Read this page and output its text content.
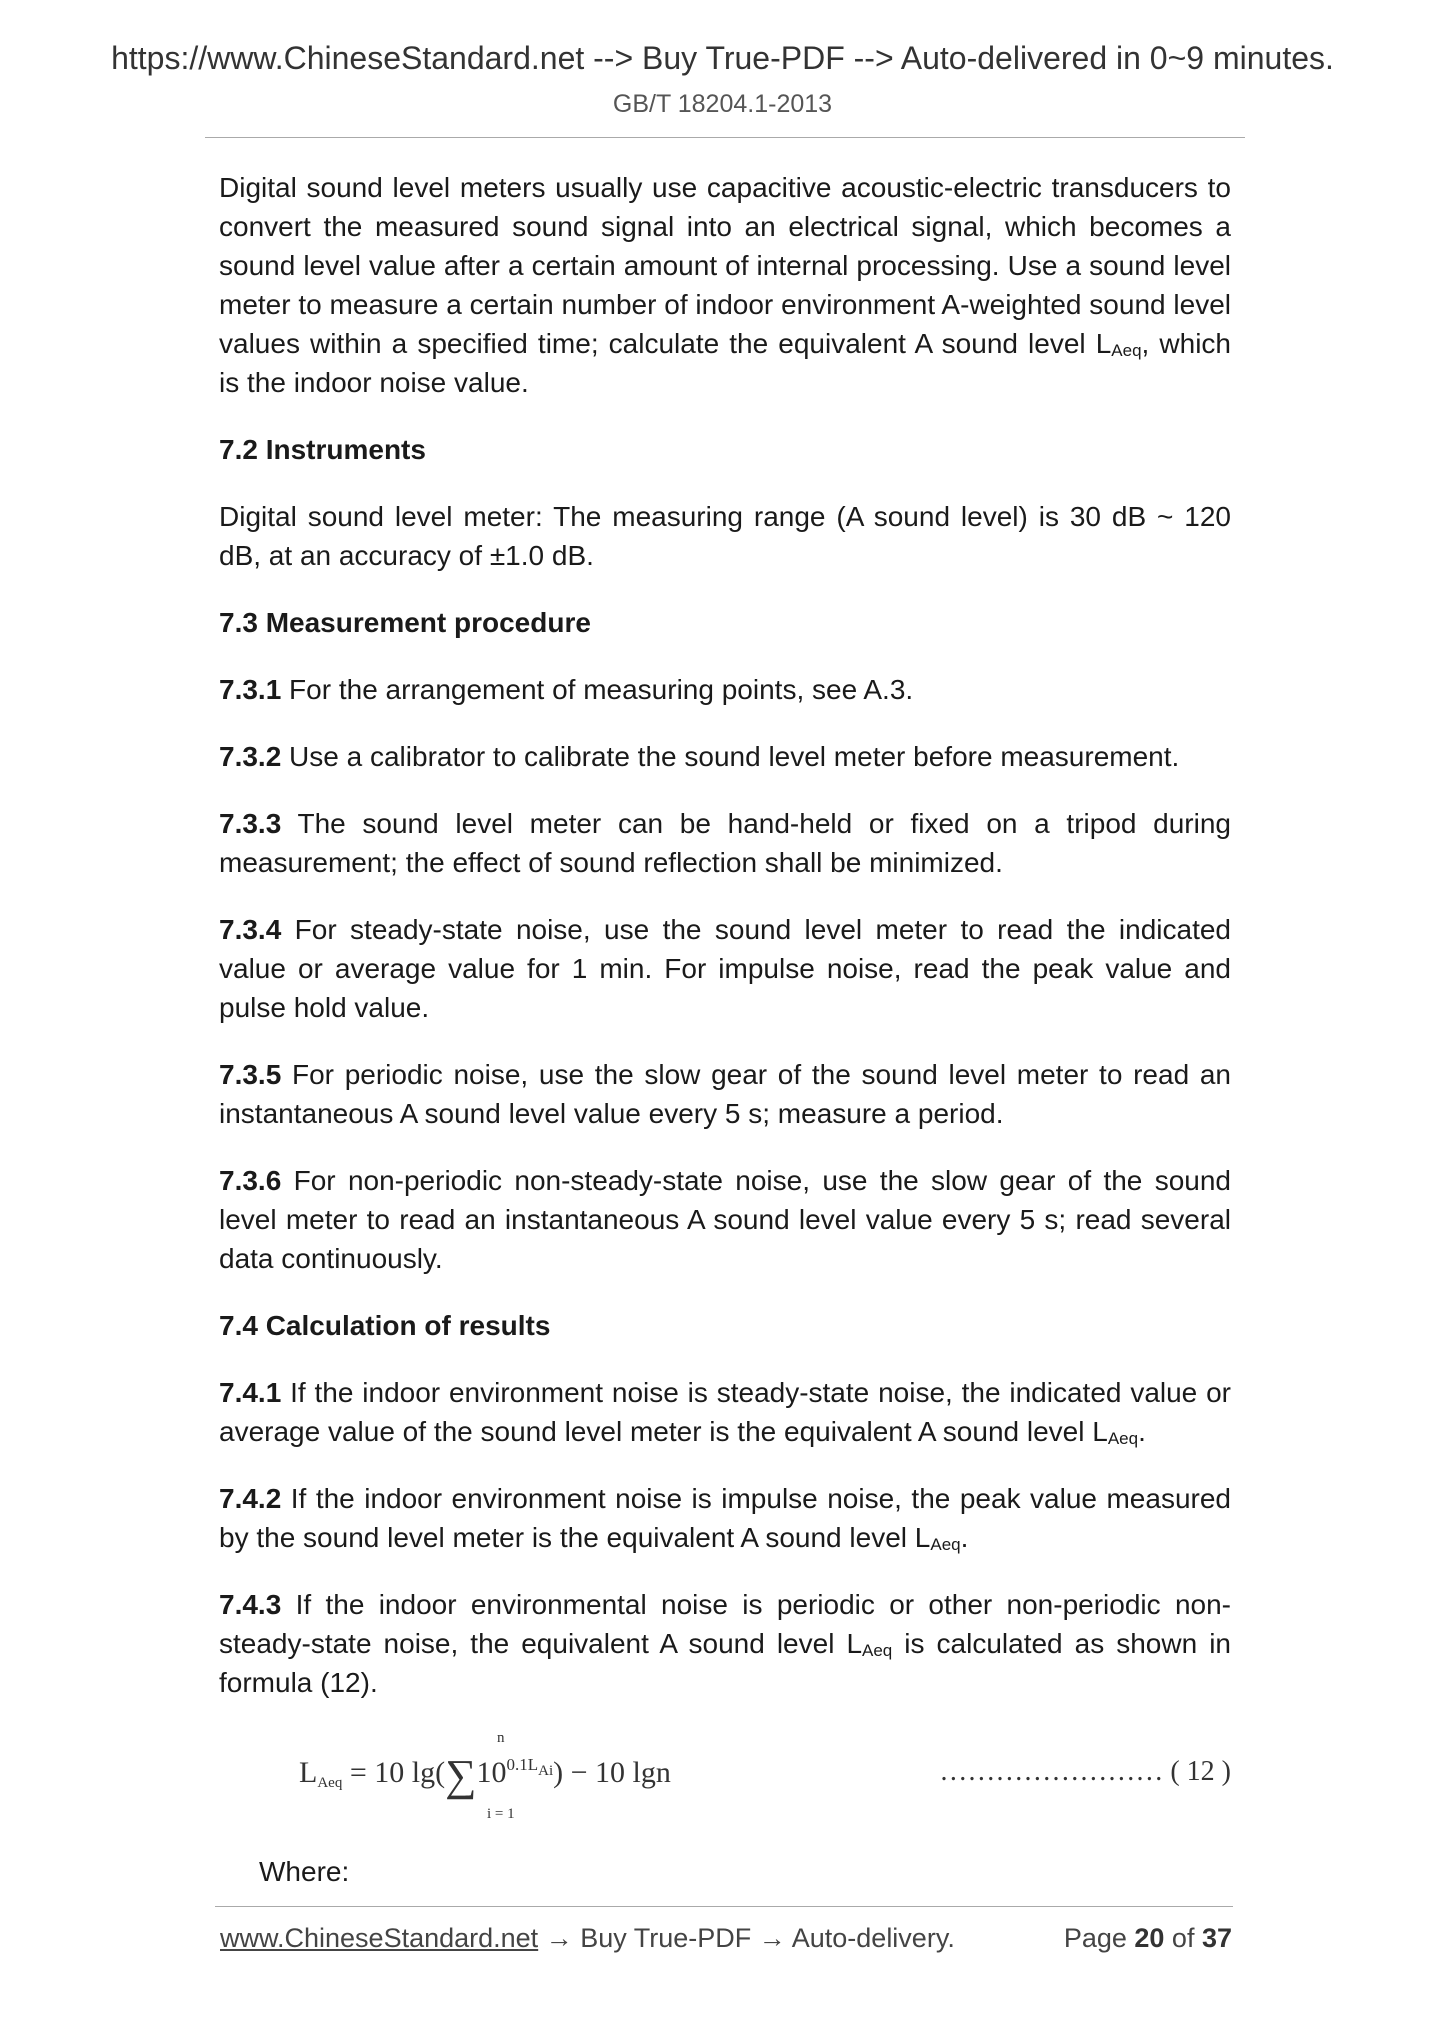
https://www.ChineseStandard.net --> Buy True-PDF --> Auto-delivered in 0~9 minutes.
GB/T 18204.1-2013

Digital sound level meters usually use capacitive acoustic-electric transducers to convert the measured sound signal into an electrical signal, which becomes a sound level value after a certain amount of internal processing. Use a sound level meter to measure a certain number of indoor environment A-weighted sound level values within a specified time; calculate the equivalent A sound level $L_{Aeq}$, which is the indoor noise value.

7.2 Instruments

Digital sound level meter: The measuring range (A sound level) is 30 dB ~ 120 dB, at an accuracy of ±1.0 dB.

7.3 Measurement procedure

7.3.1 For the arrangement of measuring points, see A.3.

7.3.2 Use a calibrator to calibrate the sound level meter before measurement.

7.3.3 The sound level meter can be hand-held or fixed on a tripod during measurement; the effect of sound reflection shall be minimized.

7.3.4 For steady-state noise, use the sound level meter to read the indicated value or average value for 1 min. For impulse noise, read the peak value and pulse hold value.

7.3.5 For periodic noise, use the slow gear of the sound level meter to read an instantaneous A sound level value every 5 s; measure a period.

7.3.6 For non-periodic non-steady-state noise, use the slow gear of the sound level meter to read an instantaneous A sound level value every 5 s; read several data continuously.

7.4 Calculation of results

7.4.1 If the indoor environment noise is steady-state noise, the indicated value or average value of the sound level meter is the equivalent A sound level $L_{Aeq}$.

7.4.2 If the indoor environment noise is impulse noise, the peak value measured by the sound level meter is the equivalent A sound level $L_{Aeq}$.

7.4.3 If the indoor environmental noise is periodic or other non-periodic non-steady-state noise, the equivalent A sound level $L_{Aeq}$ is calculated as shown in formula (12).

LAeq = 10 $\lg(\sum 10^{0.1LAi}) - 10$ lgn
n
i = 1
…………………… ( 12 )

Where:

www.ChineseStandard.net → Buy True-PDF → Auto-delivery.	Page 20 of 37
